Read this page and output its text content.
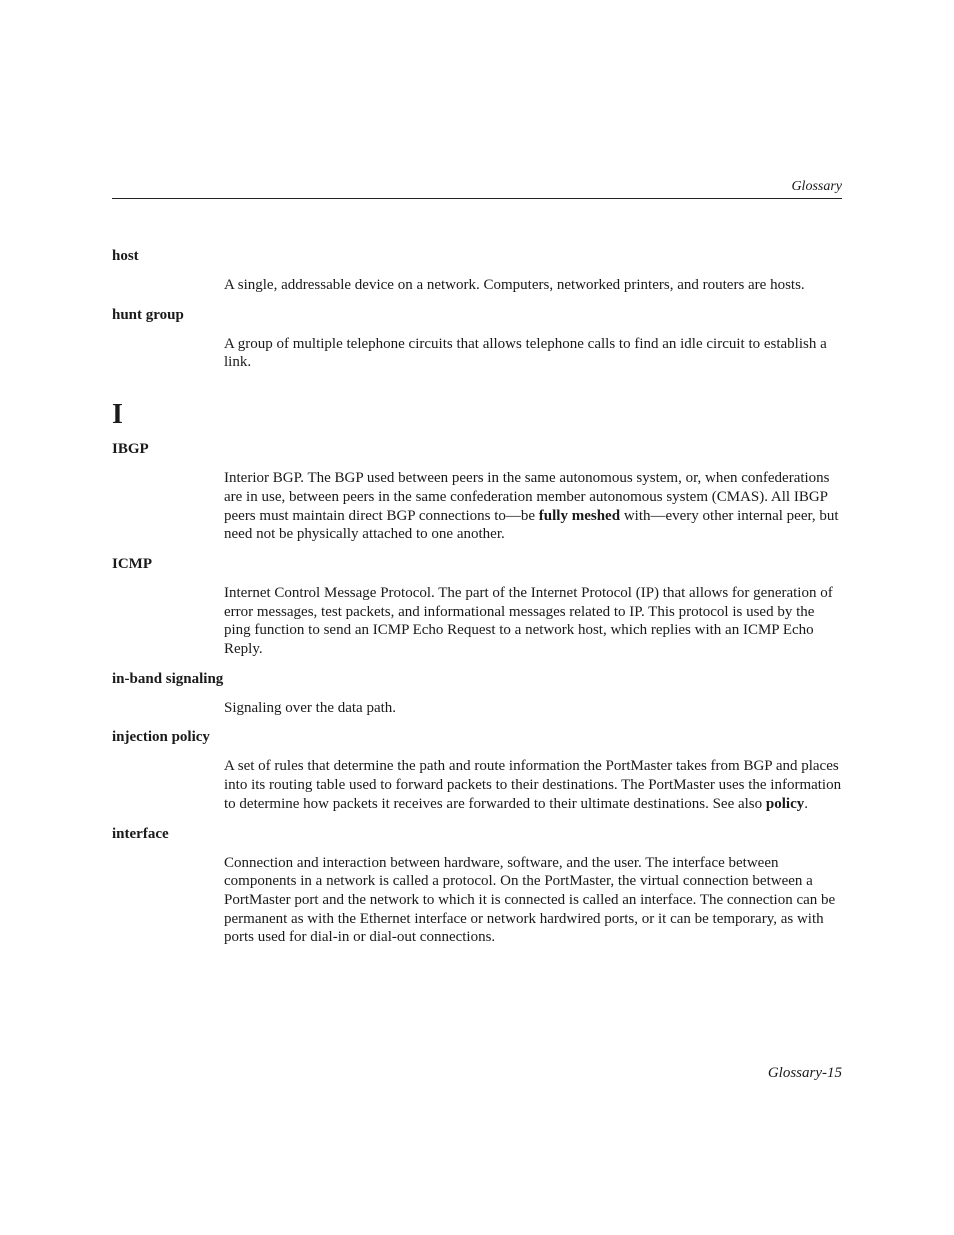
Glossary

host

A single, addressable device on a network. Computers, networked printers, and routers are hosts.

hunt group

A group of multiple telephone circuits that allows telephone calls to find an idle circuit to establish a link.

I

IBGP

Interior BGP. The BGP used between peers in the same autonomous system, or, when confederations are in use, between peers in the same confederation member autonomous system (CMAS). All IBGP peers must maintain direct BGP connections to—be fully meshed with—every other internal peer, but need not be physically attached to one another.

ICMP

Internet Control Message Protocol. The part of the Internet Protocol (IP) that allows for generation of error messages, test packets, and informational messages related to IP. This protocol is used by the ping function to send an ICMP Echo Request to a network host, which replies with an ICMP Echo Reply.

in-band signaling

Signaling over the data path.

injection policy

A set of rules that determine the path and route information the PortMaster takes from BGP and places into its routing table used to forward packets to their destinations. The PortMaster uses the information to determine how packets it receives are forwarded to their ultimate destinations. See also policy.

interface

Connection and interaction between hardware, software, and the user. The interface between components in a network is called a protocol. On the PortMaster, the virtual connection between a PortMaster port and the network to which it is connected is called an interface. The connection can be permanent as with the Ethernet interface or network hardwired ports, or it can be temporary, as with ports used for dial-in or dial-out connections.

Glossary-15
